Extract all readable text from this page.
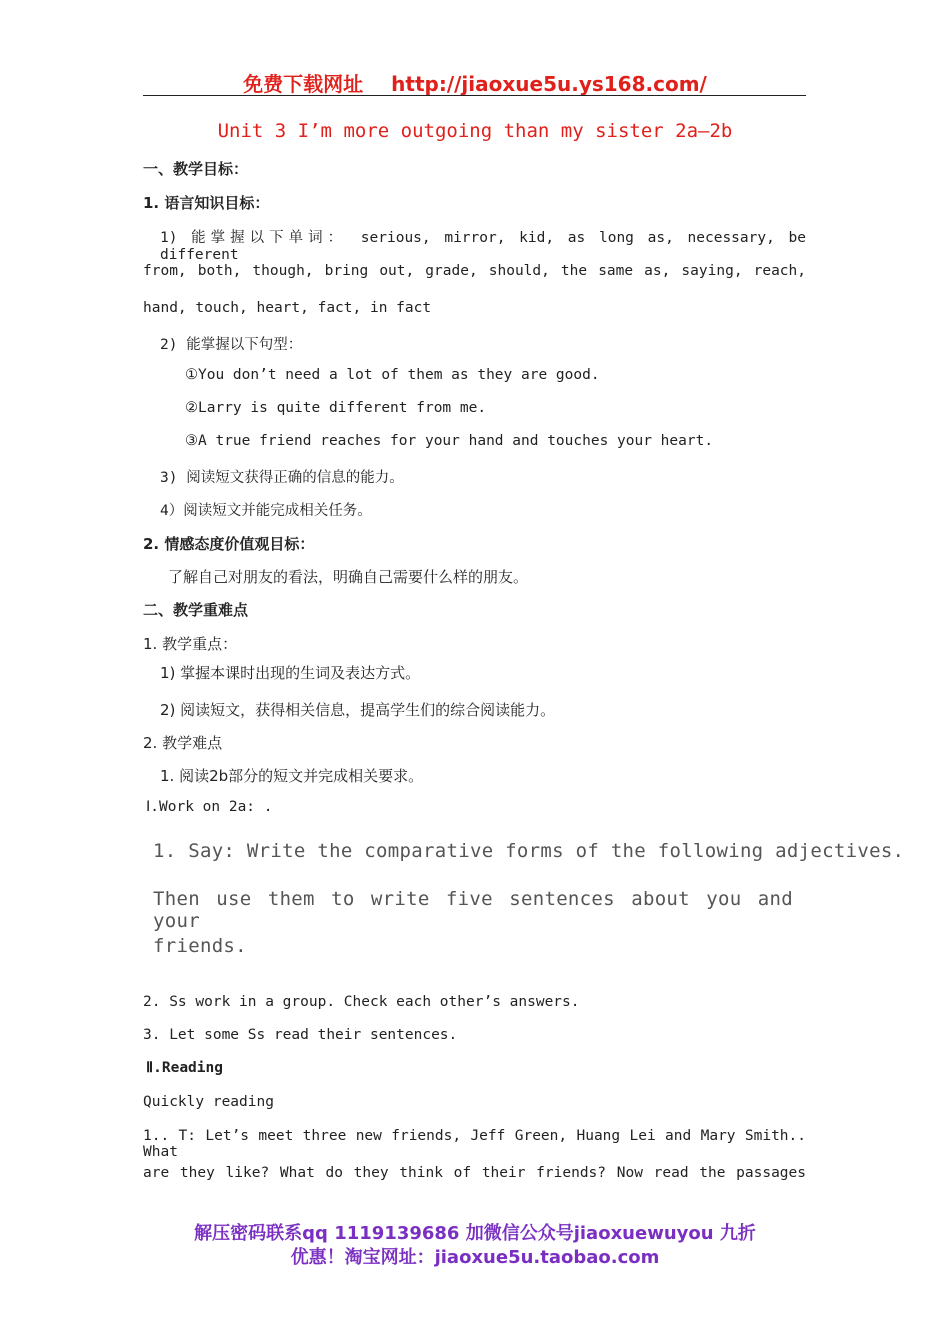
免费下载网址 http://jiaoxue5u.ys168.com/
Unit 3 I’m more outgoing than my sister 2a—2b
一、教学目标：
1. 语言知识目标：
1) 能掌握以下单词： serious, mirror, kid, as long as, necessary, be different
from, both, though, bring out, grade, should, the same as, saying, reach,
hand, touch, heart, fact, in fact
2) 能掌握以下句型：
①You don’t need a lot of them as they are good.
②Larry is quite different from me.
③A true friend reaches for your hand and touches your heart.
3) 阅读短文获得正确的信息的能力。
4）阅读短文并能完成相关任务。
2. 情感态度价值观目标：
了解自己对朋友的看法，明确自己需要什么样的朋友。
二、教学重难点
1. 教学重点：
1) 掌握本课时出现的生词及表达方式。
2) 阅读短文，获得相关信息，提高学生们的综合阅读能力。
2. 教学难点
1. 阅读2b部分的短文并完成相关要求。
Ⅰ.Work on 2a: .
1. Say: Write the comparative forms of the following adjectives.
Then use them to write five sentences about you and your
friends.
2. Ss work in a group. Check each other’s answers.
3. Let some Ss read their sentences.
Ⅱ.Reading
Quickly reading
1.. T: Let’s meet three new friends, Jeff Green, Huang Lei and Mary Smith.. What
are they like? What do they think of their friends? Now read the passages
解压密码联系qq 1119139686 加微信公众号jiaoxuewuyou 九折
优惠！淘宝网址：jiaoxue5u.taobao.com
